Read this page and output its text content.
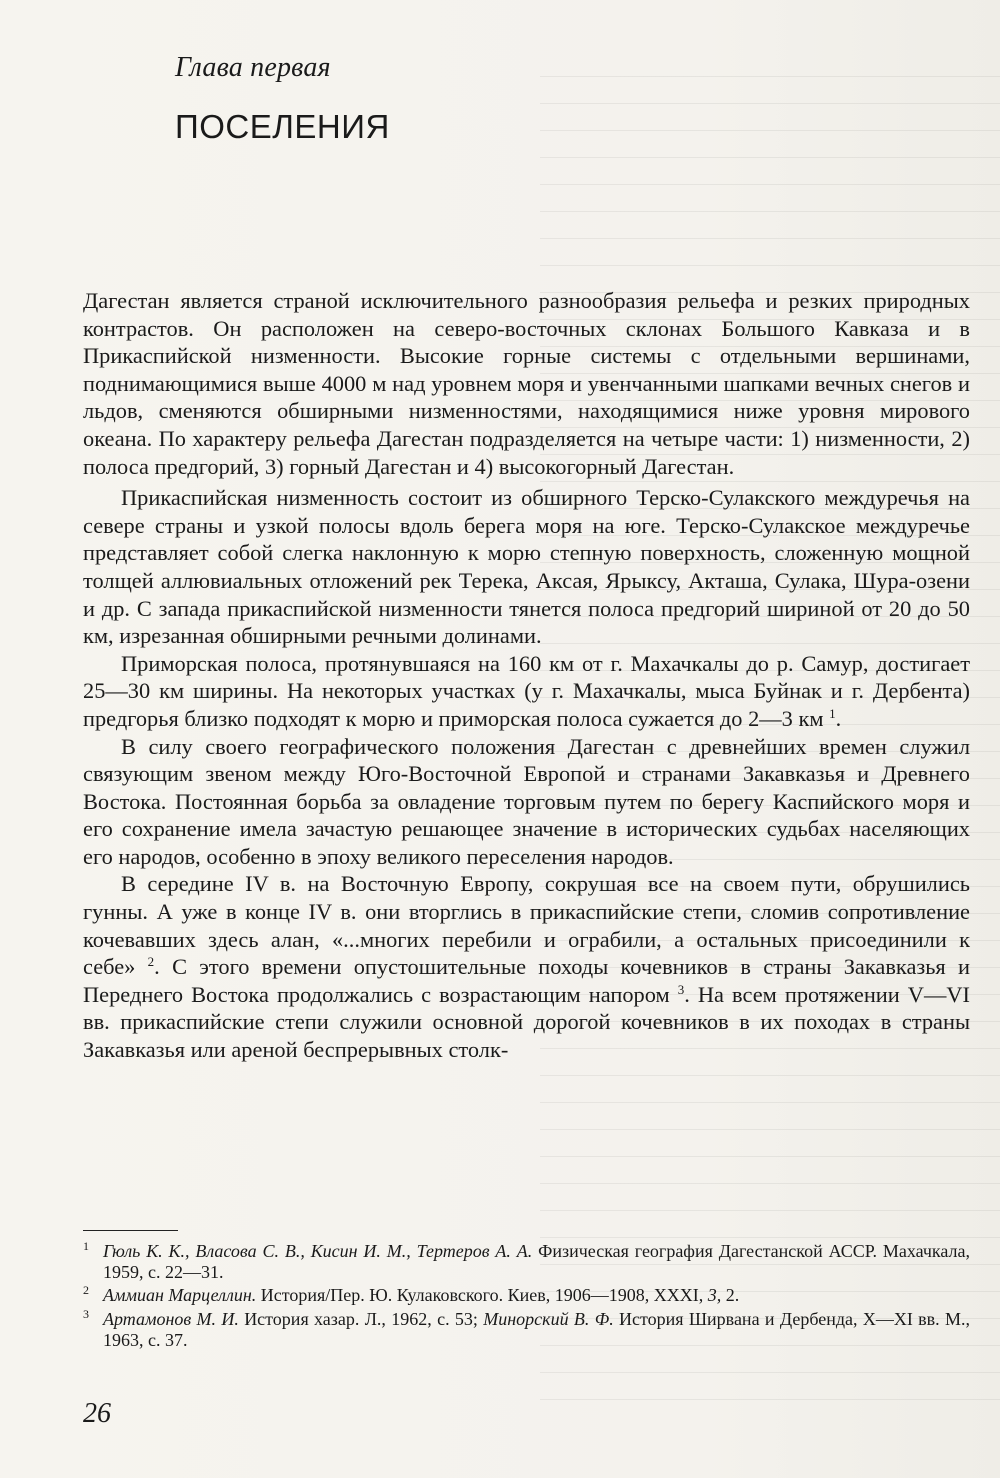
Глава первая
ПОСЕЛЕНИЯ

Дагестан является страной исключительного разнообразия рельефа и резких природных контрастов. Он расположен на северо-восточных склонах Большого Кавказа и в Прикаспийской низменности. Высокие горные системы с отдельными вершинами, поднимающимися выше 4000 м над уровнем моря и увенчанными шапками вечных снегов и льдов, сменяются обширными низменностями, находящимися ниже уровня мирового океана. По характеру рельефа Дагестан подразделяется на четыре части: 1) низменности, 2) полоса предгорий, 3) горный Дагестан и 4) высокогорный Дагестан.

Прикаспийская низменность состоит из обширного Терско-Сулакского междуречья на севере страны и узкой полосы вдоль берега моря на юге. Терско-Сулакское междуречье представляет собой слегка наклонную к морю степную поверхность, сложенную мощной толщей аллювиальных отложений рек Терека, Аксая, Ярыксу, Акташа, Сулака, Шура-озени и др. С запада прикаспийской низменности тянется полоса предгорий шириной от 20 до 50 км, изрезанная обширными речными долинами.

Приморская полоса, протянувшаяся на 160 км от г. Махачкалы до р. Самур, достигает 25—30 км ширины. На некоторых участках (у г. Махачкалы, мыса Буйнак и г. Дербента) предгорья близко подходят к морю и приморская полоса сужается до 2—3 км $^1$.

В силу своего географического положения Дагестан с древнейших времен служил связующим звеном между Юго-Восточной Европой и странами Закавказья и Древнего Востока. Постоянная борьба за овладение торговым путем по берегу Каспийского моря и его сохранение имела зачастую решающее значение в исторических судьбах населяющих его народов, особенно в эпоху великого переселения народов.

В середине IV в. на Восточную Европу, сокрушая все на своем пути, обрушились гунны. А уже в конце IV в. они вторглись в прикаспийские степи, сломив сопротивление кочевавших здесь алан, «...многих перебили и ограбили, а остальных присоединили к себе» $^2$. С этого времени опустошительные походы кочевников в страны Закавказья и Переднего Востока продолжались с возрастающим напором $^3$. На всем протяжении V—VI вв. прикаспийские степи служили основной дорогой кочевников в их походах в страны Закавказья или ареной беспрерывных столк-

1 Гюль К. К., Власова С. В., Кисин И. М., Тертеров А. А. Физическая география Дагестанской АССР. Махачкала, 1959, с. 22—31.

2 Аммиан Марцеллин. История/Пер. Ю. Кулаковского. Киев, 1906—1908, XXXI, 3, 2.

3 Артамонов М. И. История хазар. Л., 1962, с. 53; Минорский В. Ф. История Ширвана и Дербенда, X—XI вв. М., 1963, с. 37.

26
